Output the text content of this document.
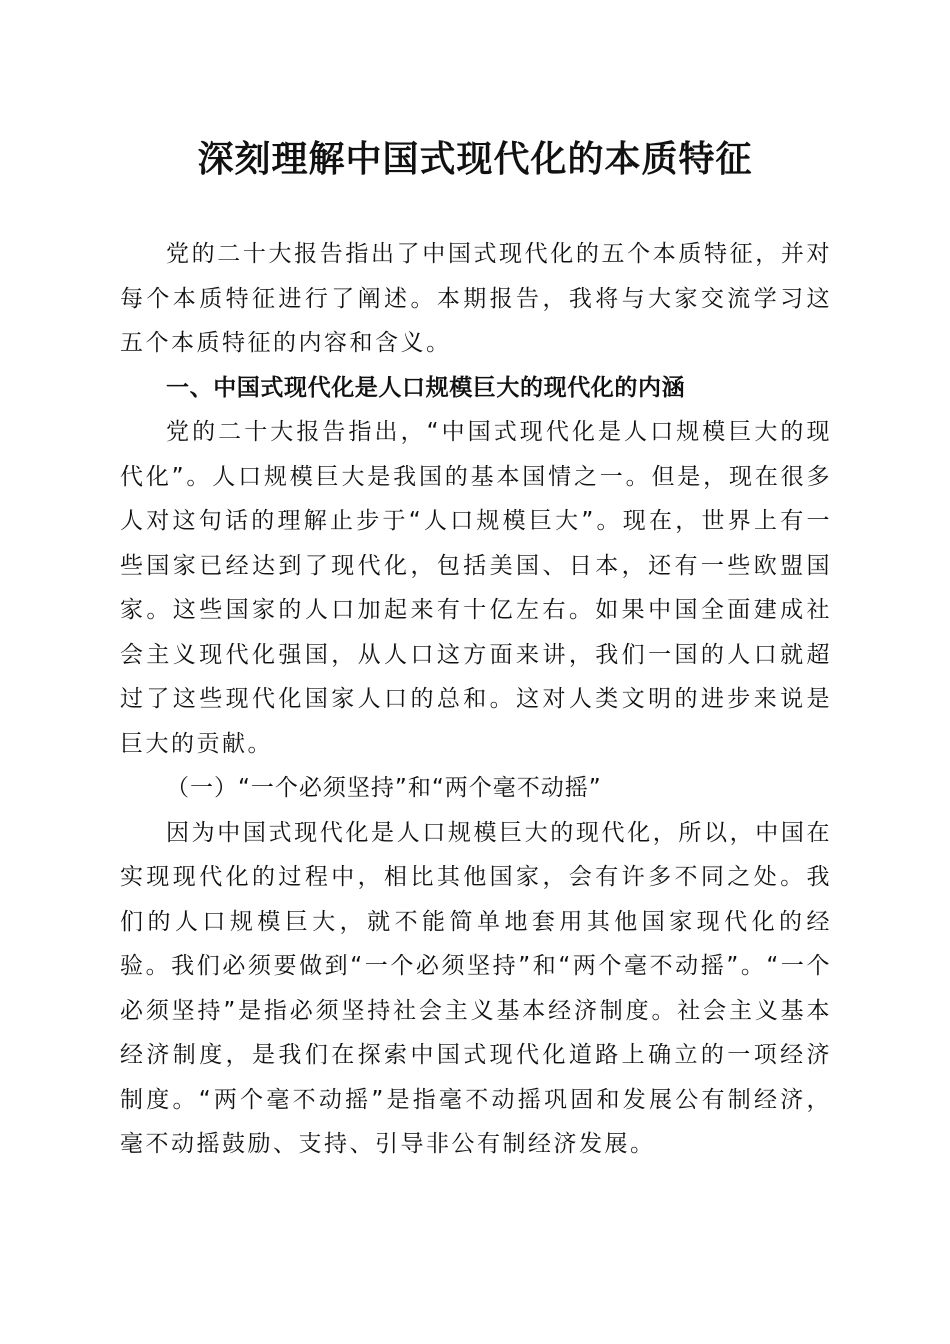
深刻理解中国式现代化的本质特征

党的二十大报告指出了中国式现代化的五个本质特征，并对每个本质特征进行了阐述。本期报告，我将与大家交流学习这五个本质特征的内容和含义。

一、中国式现代化是人口规模巨大的现代化的内涵

党的二十大报告指出，“中国式现代化是人口规模巨大的现代化”。人口规模巨大是我国的基本国情之一。但是，现在很多人对这句话的理解止步于“人口规模巨大”。现在，世界上有一些国家已经达到了现代化，包括美国、日本，还有一些欧盟国家。这些国家的人口加起来有十亿左右。如果中国全面建成社会主义现代化强国，从人口这方面来讲，我们一国的人口就超过了这些现代化国家人口的总和。这对人类文明的进步来说是巨大的贡献。

（一）“一个必须坚持”和“两个毫不动摇”

因为中国式现代化是人口规模巨大的现代化，所以，中国在实现现代化的过程中，相比其他国家，会有许多不同之处。我们的人口规模巨大，就不能简单地套用其他国家现代化的经验。我们必须要做到“一个必须坚持”和“两个毫不动摇”。“一个必须坚持”是指必须坚持社会主义基本经济制度。社会主义基本经济制度，是我们在探索中国式现代化道路上确立的一项经济制度。“两个毫不动摇”是指毫不动摇巩固和发展公有制经济，毫不动摇鼓励、支持、引导非公有制经济发展。
